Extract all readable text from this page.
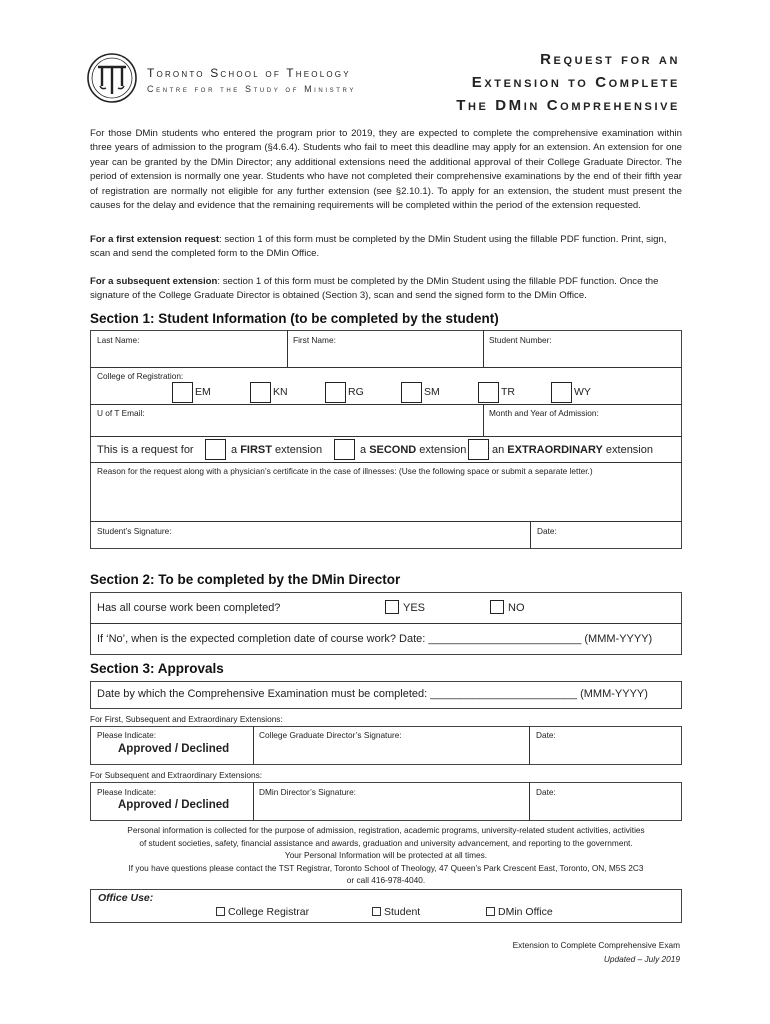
Toronto School of Theology
Centre for the Study of Ministry
Request for an
Extension to Complete
The DMin Comprehensive
For those DMin students who entered the program prior to 2019, they are expected to complete the comprehensive examination within three years of admission to the program (§4.6.4). Students who fail to meet this deadline may apply for an extension. An extension for one year can be granted by the DMin Director; any additional extensions need the additional approval of their College Graduate Director. The period of extension is normally one year. Students who have not completed their comprehensive examinations by the end of their fifth year of registration are normally not eligible for any further extension (see §2.10.1). To apply for an extension, the student must present the causes for the delay and evidence that the remaining requirements will be completed within the period of the extension requested.
For a first extension request: section 1 of this form must be completed by the DMin Student using the fillable PDF function. Print, sign, scan and send the completed form to the DMin Office.
For a subsequent extension: section 1 of this form must be completed by the DMin Student using the fillable PDF function. Once the signature of the College Graduate Director is obtained (Section 3), scan and send the signed form to the DMin Office.
Section 1: Student Information (to be completed by the student)
Last Name:	First Name:	Student Number:
College of Registration:
EM	KN	RG	SM	TR	WY
U of T Email:	Month and Year of Admission:
This is a request for	a FIRST extension	a SECOND extension an EXTRAORDINARY extension
Reason for the request along with a physician’s certificate in the case of illnesses: (Use the following space or submit a separate letter.)
Student’s Signature:	Date:
Section 2: To be completed by the DMin Director
Has all course work been completed?	YES	NO
If ‘No’, when is the expected completion date of course work? Date: _________________________ (MMM-YYYY)
Section 3: Approvals
Date by which the Comprehensive Examination must be completed: ________________________ (MMM-YYYY)
For First, Subsequent and Extraordinary Extensions:
Please Indicate:
Approved / Declined
College Graduate Director’s Signature:	Date:
For Subsequent and Extraordinary Extensions:
Please Indicate:
Approved / Declined
DMin Director’s Signature:	Date:
Personal information is collected for the purpose of admission, registration, academic programs, university-related student activities, activities
of student societies, safety, financial assistance and awards, graduation and university advancement, and reporting to the government.
Your Personal Information will be protected at all times.
If you have questions please contact the TST Registrar, Toronto School of Theology, 47 Queen’s Park Crescent East, Toronto, ON, M5S 2C3
or call 416-978-4040.
Office Use:
College Registrar	Student	DMin Office
Extension to Complete Comprehensive Exam
Updated – July 2019
